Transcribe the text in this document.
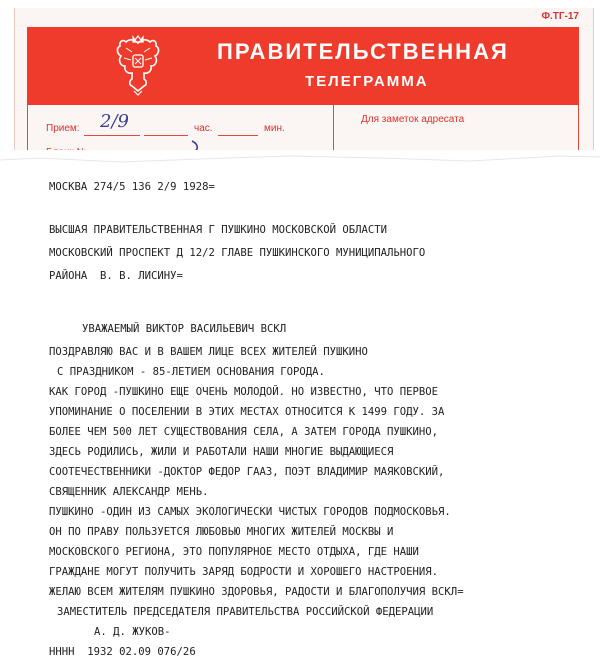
Ф.ТГ-17
ПРАВИТЕЛЬСТВЕННАЯ
ТЕЛЕГРАММА
Прием: 2/9	час.	мин.
Для заметок адресата
МОСКВА 274/5 136 2/9 1928=
ВЫСШАЯ ПРАВИТЕЛЬСТВЕННАЯ Г ПУШКИНО МОСКОВСКОЙ ОБЛАСТИ
МОСКОВСКИЙ ПРОСПЕКТ Д 12/2 ГЛАВЕ ПУШКИНСКОГО МУНИЦИПАЛЬНОГО
РАЙОНА  В. В. ЛИСИНУ=
УВАЖАЕМЫЙ ВИКТОР ВАСИЛЬЕВИЧ ВСКЛ
ПОЗДРАВЛЯЮ ВАС И В ВАШЕМ ЛИЦЕ ВСЕХ ЖИТЕЛЕЙ ПУШКИНО
С ПРАЗДНИКОМ - 85-ЛЕТИЕМ ОСНОВАНИЯ ГОРОДА.
КАК ГОРОД -ПУШКИНО ЕЩЕ ОЧЕНЬ МОЛОДОЙ. НО ИЗВЕСТНО, ЧТО ПЕРВОЕ
УПОМИНАНИЕ О ПОСЕЛЕНИИ В ЭТИХ МЕСТАХ ОТНОСИТСЯ К 1499 ГОДУ. ЗА
БОЛЕЕ ЧЕМ 500 ЛЕТ СУЩЕСТВОВАНИЯ СЕЛА, А ЗАТЕМ ГОРОДА ПУШКИНО,
ЗДЕСЬ РОДИЛИСЬ, ЖИЛИ И РАБОТАЛИ НАШИ МНОГИЕ ВЫДАЮЩИЕСЯ
СООТЕЧЕСТВЕННИКИ -ДОКТОР ФЕДОР ГААЗ, ПОЭТ ВЛАДИМИР МАЯКОВСКИЙ,
СВЯЩЕННИК АЛЕКСАНДР МЕНЬ.
ПУШКИНО -ОДИН ИЗ САМЫХ ЭКОЛОГИЧЕСКИ ЧИСТЫХ ГОРОДОВ ПОДМОСКОВЬЯ.
ОН ПО ПРАВУ ПОЛЬЗУЕТСЯ ЛЮБОВЬЮ МНОГИХ ЖИТЕЛЕЙ МОСКВЫ И
МОСКОВСКОГО РЕГИОНА, ЭТО ПОПУЛЯРНОЕ МЕСТО ОТДЫХА, ГДЕ НАШИ
ГРАЖДАНЕ МОГУТ ПОЛУЧИТЬ ЗАРЯД БОДРОСТИ И ХОРОШЕГО НАСТРОЕНИЯ.
ЖЕЛАЮ ВСЕМ ЖИТЕЛЯМ ПУШКИНО ЗДОРОВЬЯ, РАДОСТИ И БЛАГОПОЛУЧИЯ ВСКЛ=
ЗАМЕСТИТЕЛЬ ПРЕДСЕДАТЕЛЯ ПРАВИТЕЛЬСТВА РОССИЙСКОЙ ФЕДЕРАЦИИ
А. Д. ЖУКОВ-
НННН  1932 02.09 076/26
